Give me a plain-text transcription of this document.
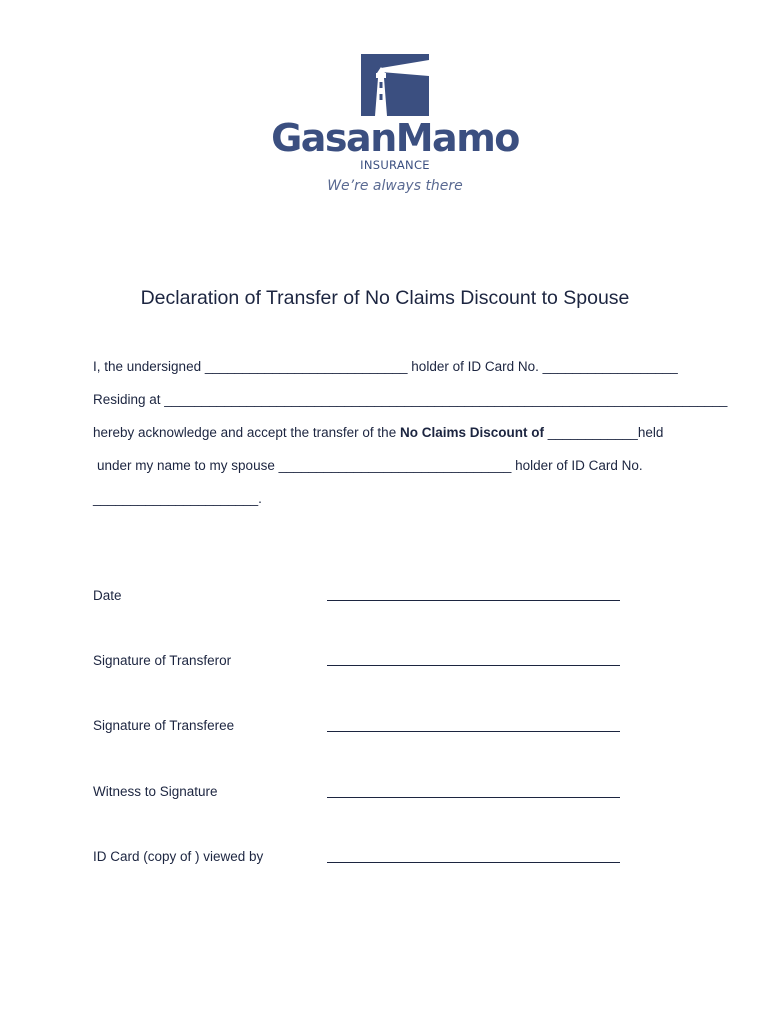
GasanMamo
INSURANCE
We’re always there
Declaration of Transfer of No Claims Discount to Spouse
I, the undersigned ___________________________ holder of ID Card No. __________________
Residing at ___________________________________________________________________________
hereby acknowledge and accept the transfer of the No Claims Discount of ____________held
under my name to my spouse _______________________________ holder of ID Card No.
______________________.
Date
Signature of Transferor
Signature of Transferee
Witness to Signature
ID Card (copy of ) viewed by
